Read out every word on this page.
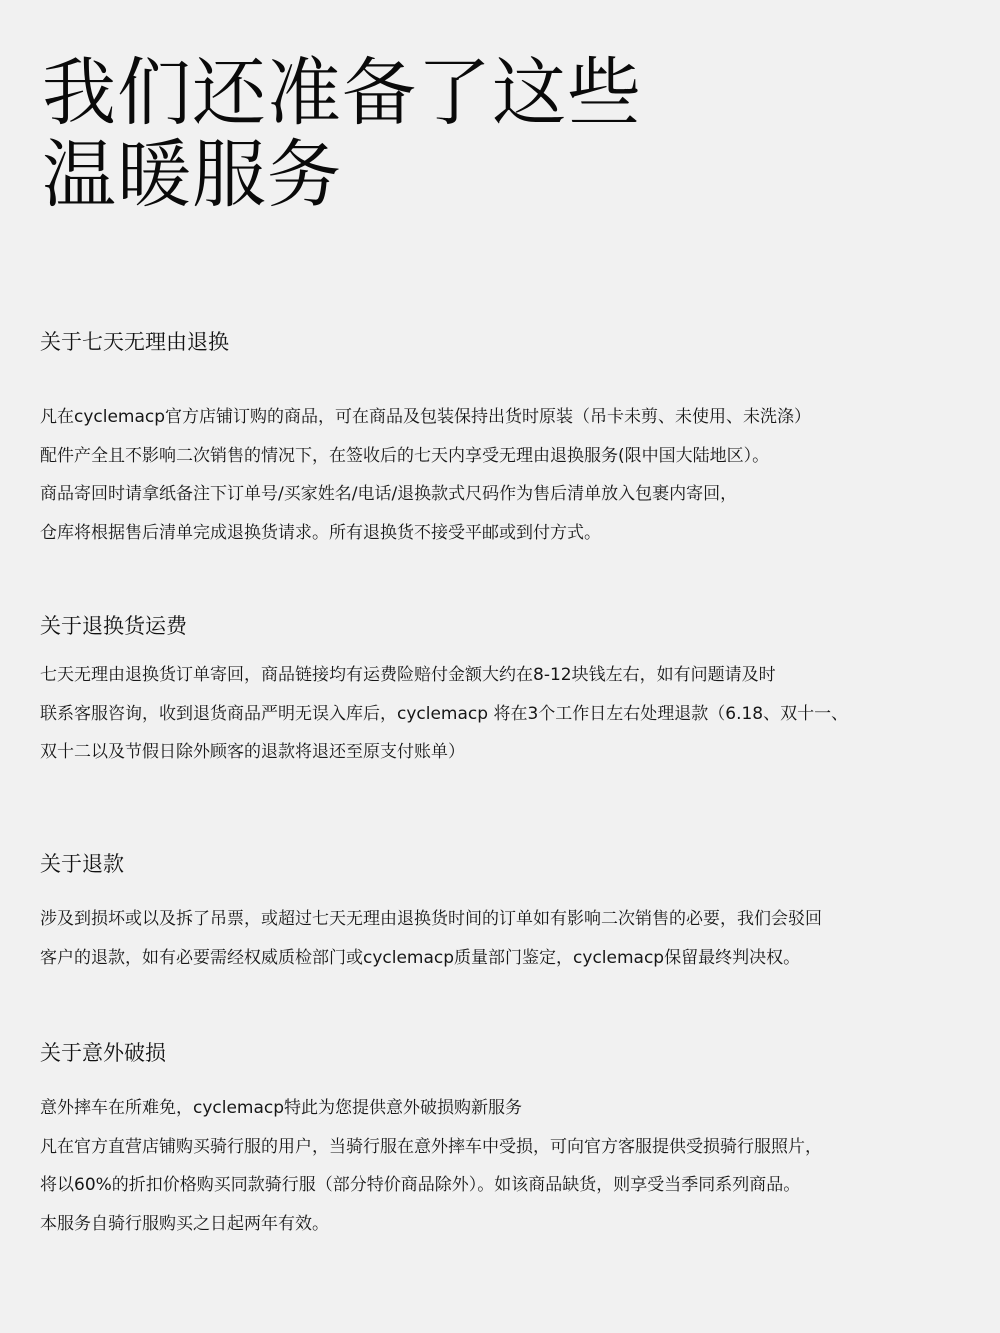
我们还准备了这些
温暖服务
关于七天无理由退换
凡在cyclemacp官方店铺订购的商品，可在商品及包装保持出货时原装（吊卡未剪、未使用、未洗涤）
配件产全且不影响二次销售的情况下，在签收后的七天内享受无理由退换服务(限中国大陆地区）。
商品寄回时请拿纸备注下订单号/买家姓名/电话/退换款式尺码作为售后清单放入包裹内寄回，
仓库将根据售后清单完成退换货请求。所有退换货不接受平邮或到付方式。
关于退换货运费
七天无理由退换货订单寄回，商品链接均有运费险赔付金额大约在8-12块钱左右，如有问题请及时
联系客服咨询，收到退货商品严明无误入库后，cyclemacp 将在3个工作日左右处理退款（6.18、双十一、
双十二以及节假日除外顾客的退款将退还至原支付账单）
关于退款
涉及到损坏或以及拆了吊票，或超过七天无理由退换货时间的订单如有影响二次销售的必要，我们会驳回
客户的退款，如有必要需经权威质检部门或cyclemacp质量部门鉴定，cyclemacp保留最终判决权。
关于意外破损
意外摔车在所难免，cyclemacp特此为您提供意外破损购新服务
凡在官方直营店铺购买骑行服的用户，当骑行服在意外摔车中受损，可向官方客服提供受损骑行服照片，
将以60%的折扣价格购买同款骑行服（部分特价商品除外）。如该商品缺货，则享受当季同系列商品。
本服务自骑行服购买之日起两年有效。
